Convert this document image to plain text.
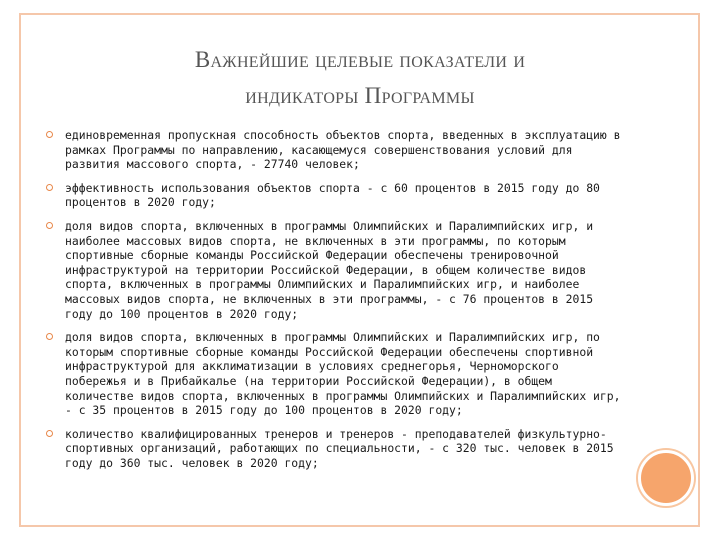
Важнейшие целевые показатели и
индикаторы Программы
единовременная пропускная способность объектов спорта, введенных в эксплуатацию в рамках Программы по направлению, касающемуся совершенствования условий для развития массового спорта, - 27740 человек;
эффективность использования объектов спорта - с 60 процентов в 2015 году до 80 процентов в 2020 году;
доля видов спорта, включенных в программы Олимпийских и Паралимпийских игр, и наиболее массовых видов спорта, не включенных в эти программы, по которым спортивные сборные команды Российской Федерации обеспечены тренировочной инфраструктурой на территории Российской Федерации, в общем количестве видов спорта, включенных в программы Олимпийских и Паралимпийских игр, и наиболее массовых видов спорта, не включенных в эти программы, - с 76 процентов в 2015 году до 100 процентов в 2020 году;
доля видов спорта, включенных в программы Олимпийских и Паралимпийских игр, по которым спортивные сборные команды Российской Федерации обеспечены спортивной инфраструктурой для акклиматизации в условиях среднегорья, Черноморского побережья и в Прибайкалье (на территории Российской Федерации), в общем количестве видов спорта, включенных в программы Олимпийских и Паралимпийских игр, - с 35 процентов в 2015 году до 100 процентов в 2020 году;
количество квалифицированных тренеров и тренеров - преподавателей физкультурно- спортивных организаций, работающих по специальности, - с 320 тыс. человек в 2015 году до 360 тыс. человек в 2020 году;
